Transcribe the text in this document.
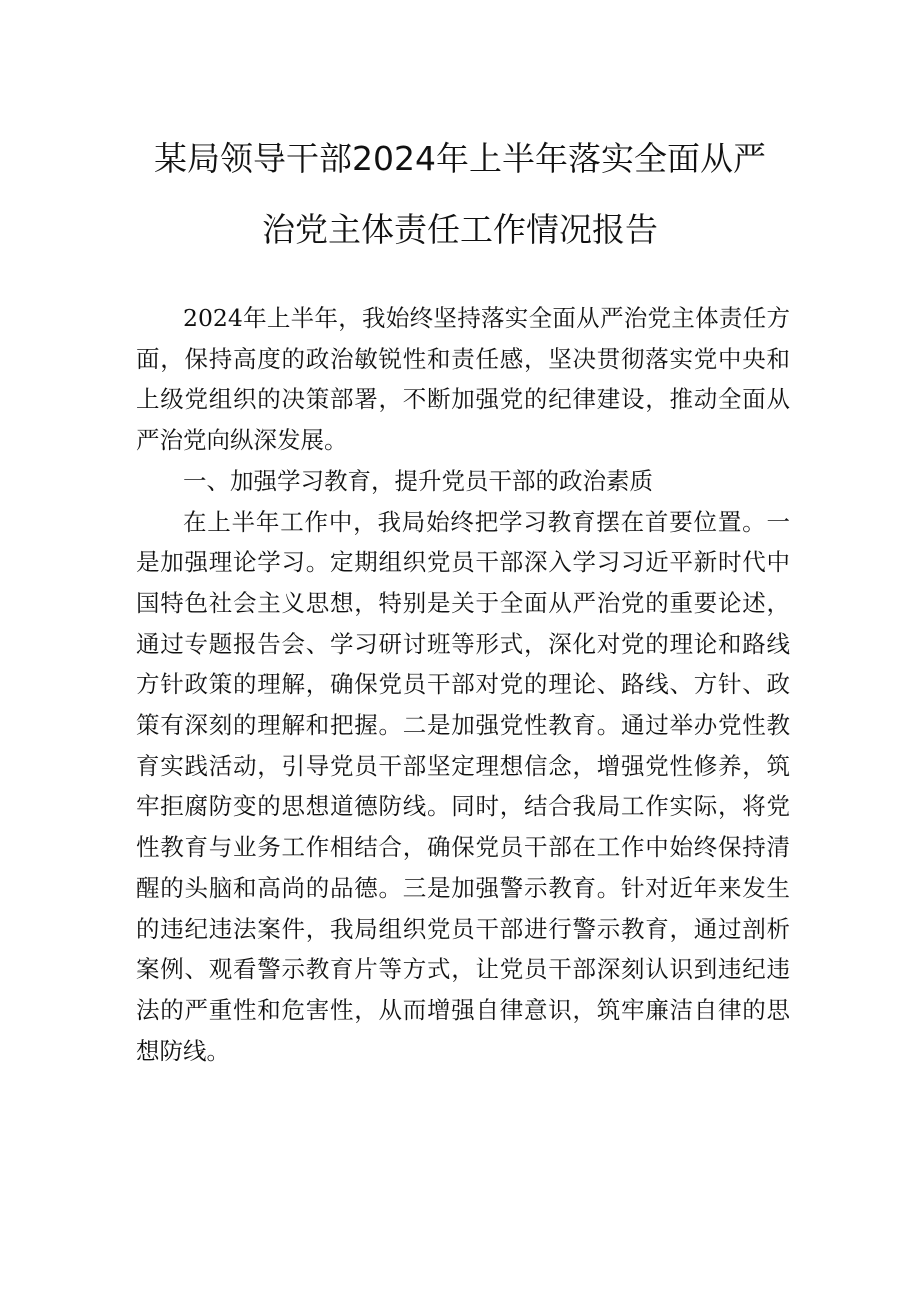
某局领导干部2024年上半年落实全面从严
治党主体责任工作情况报告

2024年上半年，我始终坚持落实全面从严治党主体责任方面，保持高度的政治敏锐性和责任感，坚决贯彻落实党中央和上级党组织的决策部署，不断加强党的纪律建设，推动全面从严治党向纵深发展。

一、加强学习教育，提升党员干部的政治素质

在上半年工作中，我局始终把学习教育摆在首要位置。一是加强理论学习。定期组织党员干部深入学习习近平新时代中国特色社会主义思想，特别是关于全面从严治党的重要论述，通过专题报告会、学习研讨班等形式，深化对党的理论和路线方针政策的理解，确保党员干部对党的理论、路线、方针、政策有深刻的理解和把握。二是加强党性教育。通过举办党性教育实践活动，引导党员干部坚定理想信念，增强党性修养，筑牢拒腐防变的思想道德防线。同时，结合我局工作实际，将党性教育与业务工作相结合，确保党员干部在工作中始终保持清醒的头脑和高尚的品德。三是加强警示教育。针对近年来发生的违纪违法案件，我局组织党员干部进行警示教育，通过剖析案例、观看警示教育片等方式，让党员干部深刻认识到违纪违法的严重性和危害性，从而增强自律意识，筑牢廉洁自律的思想防线。
